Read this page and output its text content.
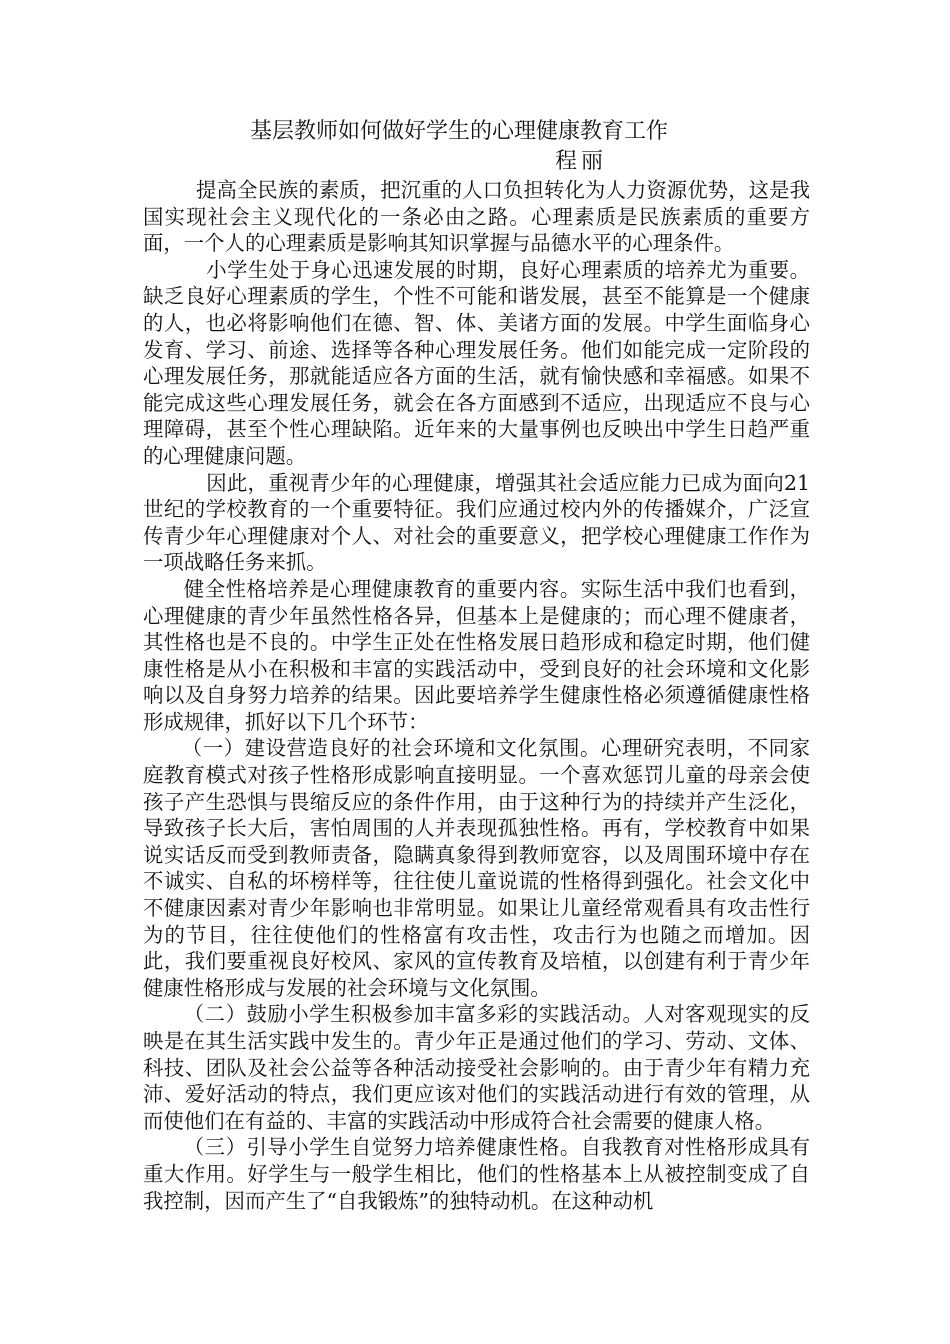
基层教师如何做好学生的心理健康教育工作

程丽

提高全民族的素质，把沉重的人口负担转化为人力资源优势，这是我国实现社会主义现代化的一条必由之路。心理素质是民族素质的重要方面，一个人的心理素质是影响其知识掌握与品德水平的心理条件。

小学生处于身心迅速发展的时期，良好心理素质的培养尤为重要。缺乏良好心理素质的学生，个性不可能和谐发展，甚至不能算是一个健康的人，也必将影响他们在德、智、体、美诸方面的发展。中学生面临身心发育、学习、前途、选择等各种心理发展任务。他们如能完成一定阶段的心理发展任务，那就能适应各方面的生活，就有愉快感和幸福感。如果不能完成这些心理发展任务，就会在各方面感到不适应，出现适应不良与心理障碍，甚至个性心理缺陷。近年来的大量事例也反映出中学生日趋严重的心理健康问题。

因此，重视青少年的心理健康，增强其社会适应能力已成为面向21世纪的学校教育的一个重要特征。我们应通过校内外的传播媒介，广泛宣传青少年心理健康对个人、对社会的重要意义，把学校心理健康工作作为一项战略任务来抓。

健全性格培养是心理健康教育的重要内容。实际生活中我们也看到，心理健康的青少年虽然性格各异，但基本上是健康的；而心理不健康者，其性格也是不良的。中学生正处在性格发展日趋形成和稳定时期，他们健康性格是从小在积极和丰富的实践活动中，受到良好的社会环境和文化影响以及自身努力培养的结果。因此要培养学生健康性格必须遵循健康性格形成规律，抓好以下几个环节：

（一）建设营造良好的社会环境和文化氛围。心理研究表明，不同家庭教育模式对孩子性格形成影响直接明显。一个喜欢惩罚儿童的母亲会使孩子产生恐惧与畏缩反应的条件作用，由于这种行为的持续并产生泛化，导致孩子长大后，害怕周围的人并表现孤独性格。再有，学校教育中如果说实话反而受到教师责备，隐瞒真象得到教师宽容，以及周围环境中存在不诚实、自私的坏榜样等，往往使儿童说谎的性格得到强化。社会文化中不健康因素对青少年影响也非常明显。如果让儿童经常观看具有攻击性行为的节目，往往使他们的性格富有攻击性，攻击行为也随之而增加。因此，我们要重视良好校风、家风的宣传教育及培植，以创建有利于青少年健康性格形成与发展的社会环境与文化氛围。

（二）鼓励小学生积极参加丰富多彩的实践活动。人对客观现实的反映是在其生活实践中发生的。青少年正是通过他们的学习、劳动、文体、科技、团队及社会公益等各种活动接受社会影响的。由于青少年有精力充沛、爱好活动的特点，我们更应该对他们的实践活动进行有效的管理，从而使他们在有益的、丰富的实践活动中形成符合社会需要的健康人格。

（三）引导小学生自觉努力培养健康性格。自我教育对性格形成具有重大作用。好学生与一般学生相比，他们的性格基本上从被控制变成了自我控制，因而产生了“自我锻炼”的独特动机。在这种动机
